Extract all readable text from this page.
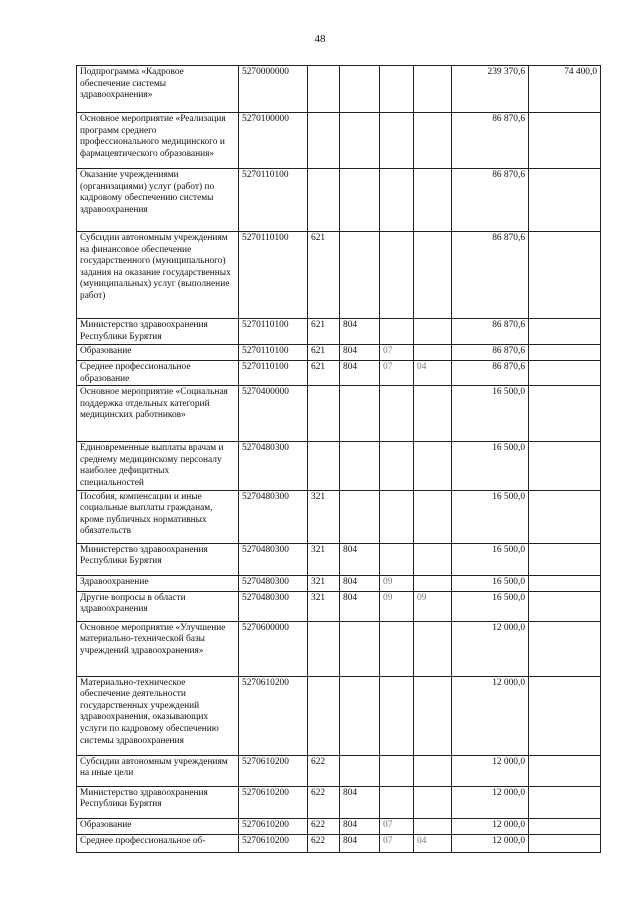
48
Подпрограмма «Кадровое обеспечение системы здравоохранения»	5270000000					239 370,6	74 400,0
Основное мероприятие «Реализация программ среднего профессионального медицинского и фармацевтического образования»	5270100000					86 870,6	
Оказание учреждениями (организациями) услуг (работ) по кадровому обеспечению системы здравоохранения	5270110100					86 870,6	
Субсидии автономным учреждениям на финансовое обеспечение государственного (муниципального) задания на оказание государственных (муниципальных) услуг (выполнение работ)	5270110100	621				86 870,6	
Министерство здравоохранения Республики Бурятия	5270110100	621	804			86 870,6	
Образование	5270110100	621	804	07		86 870,6	
Среднее профессиональное образование	5270110100	621	804	07	04	86 870,6	
Основное мероприятие «Социальная поддержка отдельных категорий медицинских работников»	5270400000					16 500,0	
Единовременные выплаты врачам и среднему медицинскому персоналу наиболее дефицитных специальностей	5270480300					16 500,0	
Пособия, компенсации и иные социальные выплаты гражданам, кроме публичных нормативных обязательств	5270480300	321				16 500,0	
Министерство здравоохранения Республики Бурятия	5270480300	321	804			16 500,0	
Здравоохранение	5270480300	321	804	09		16 500,0	
Другие вопросы в области здравоохранения	5270480300	321	804	09	09	16 500,0	
Основное мероприятие «Улучшение материально-технической базы учреждений здравоохранения»	5270600000					12 000,0	
Материально-техническое обеспечение деятельности государственных учреждений здравоохранения, оказывающих услуги по кадровому обеспечению системы здравоохранения	5270610200					12 000,0	
Субсидии автономным учреждениям на иные цели	5270610200	622				12 000,0	
Министерство здравоохранения Республики Бурятия	5270610200	622	804			12 000,0	
Образование	5270610200	622	804	07		12 000,0	
Среднее профессиональное об-	5270610200	622	804	07	04	12 000,0	
